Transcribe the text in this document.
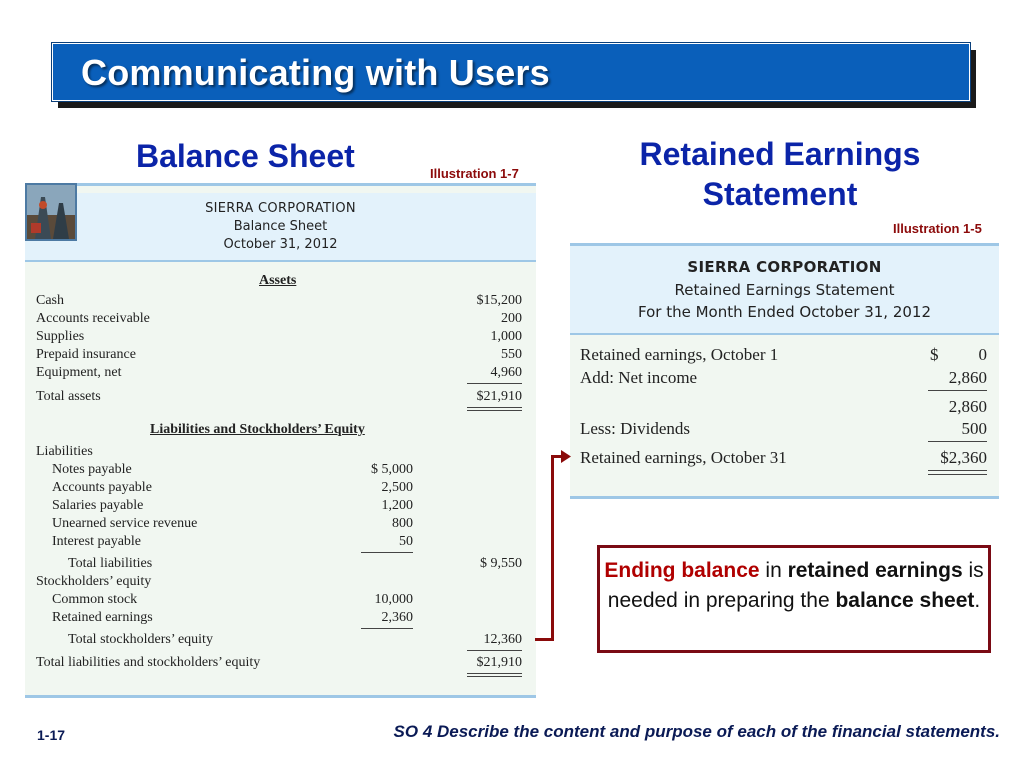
Communicating with Users
Balance Sheet	Illustration 1-7
Retained Earnings
Statement
Illustration 1-5
SIERRA CORPORATION
Balance Sheet
October 31, 2012
Assets
Cash	$15,200
Accounts receivable	200
Supplies	1,000
Prepaid insurance	550
Equipment, net	4,960
Total assets	$21,910
Liabilities and Stockholders’ Equity
Liabilities
Notes payable	$ 5,000
Accounts payable	2,500
Salaries payable	1,200
Unearned service revenue	800
Interest payable	50
Total liabilities	$ 9,550
Stockholders’ equity
Common stock	10,000
Retained earnings	2,360
Total stockholders’ equity	12,360
Total liabilities and stockholders’ equity	$21,910
SIERRA CORPORATION
Retained Earnings Statement
For the Month Ended October 31, 2012
Retained earnings, October 1	$	0
Add: Net income	2,860
2,860
Less: Dividends	500
Retained earnings, October 31	$2,360
Ending balance in retained earnings is needed in preparing the balance sheet.
1-17	SO 4 Describe the content and purpose of each of the financial statements.
